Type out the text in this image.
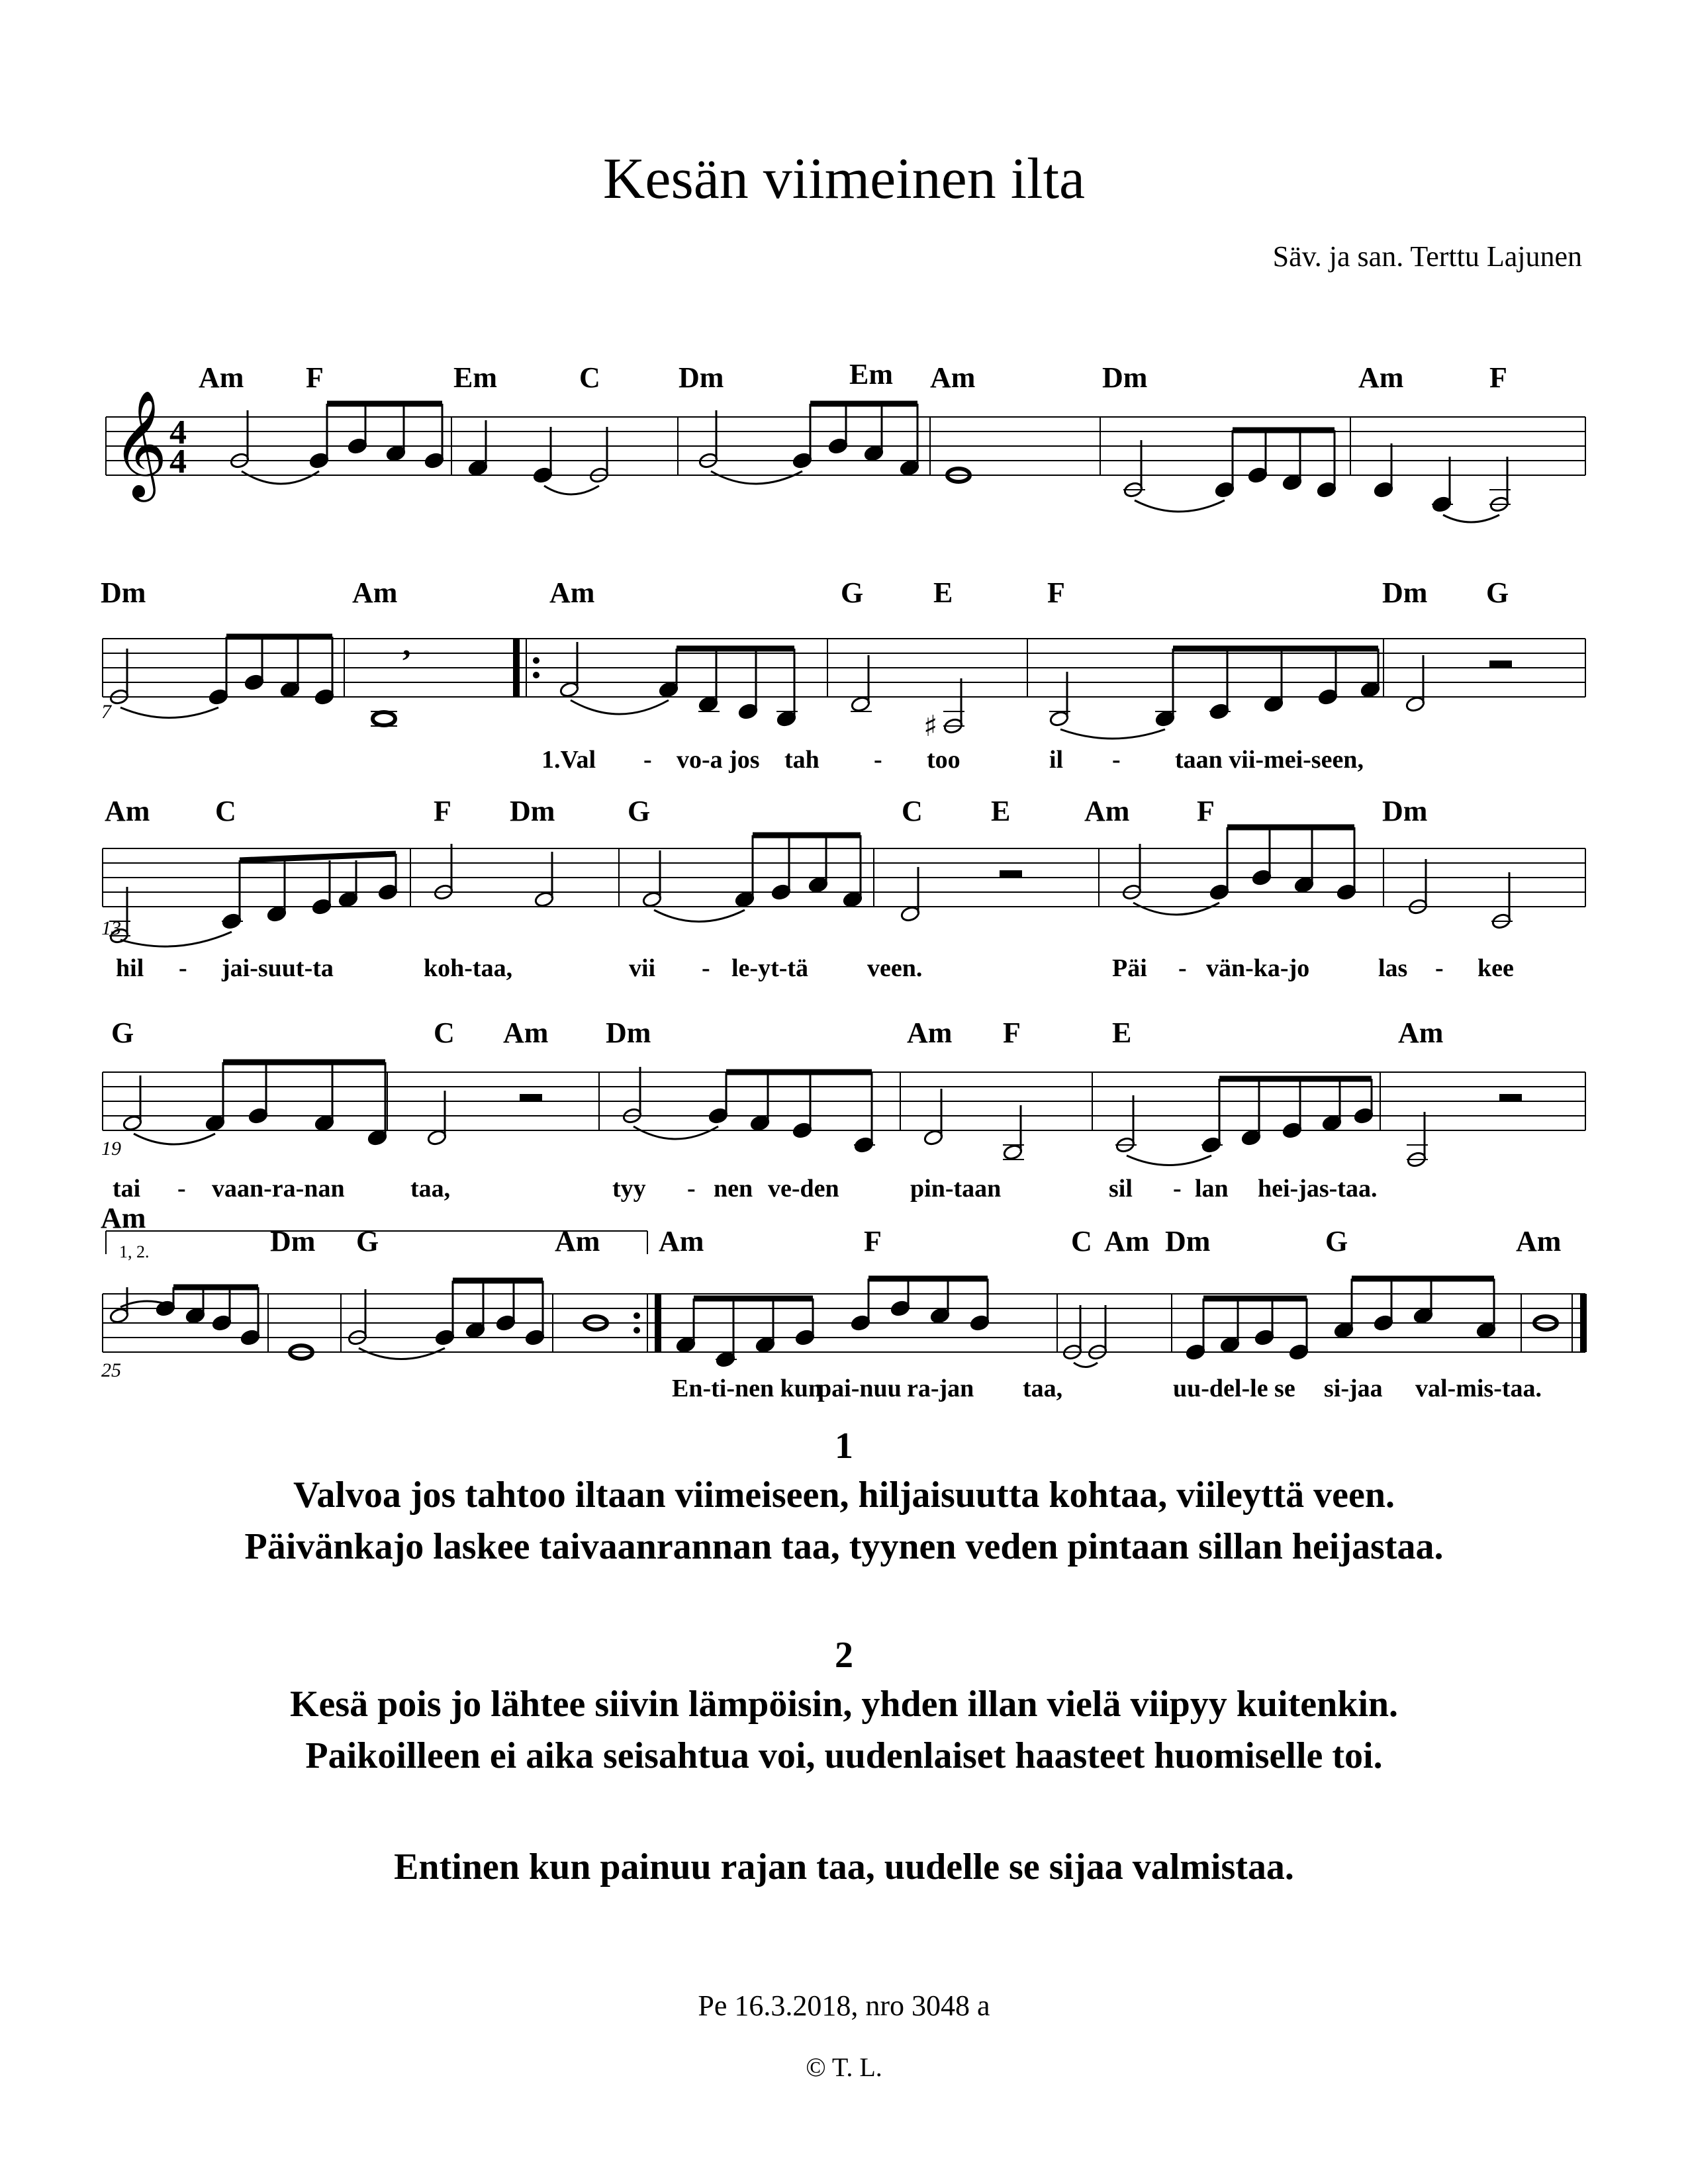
Kesän viimeinen ilta
Säv. ja san. Terttu Lajunen
𝄞 4
4
♯
,
1, 2.
Am F	Em	C	Dm	Em Am	Dm	Am	F
Dm	Am	Am	G E	F	Dm G
Am C	F Dm G	C E	Am F	Dm
G	C Am Dm	Am F	E	Am
Am
Dm G	Am Am	F	C Am Dm	G	Am
7
13
19
25
1.Val - vo-a jos tah - too	il - taan vii-mei-seen,
hil - jai-suut-ta	koh-taa,	vii - le-yt-tä veen.	Päi - vän-ka-jo	las - kee
tai - vaan-ra-nan	taa,	tyy - nen ve-den	pin-taan	sil - lan hei-jas-taa.
En-ti-nen kun
pai-nuu ra-jan taa,	uu-del-le se si-jaa val-mis-taa.
1
Valvoa jos tahtoo iltaan viimeiseen, hiljaisuutta kohtaa, viileyttä veen.
Päivänkajo laskee taivaanrannan taa, tyynen veden pintaan sillan heijastaa.
2
Kesä pois jo lähtee siivin lämpöisin, yhden illan vielä viipyy kuitenkin.
Paikoilleen ei aika seisahtua voi, uudenlaiset haasteet huomiselle toi.
Entinen kun painuu rajan taa, uudelle se sijaa valmistaa.
Pe 16.3.2018, nro 3048 a
© T. L.
